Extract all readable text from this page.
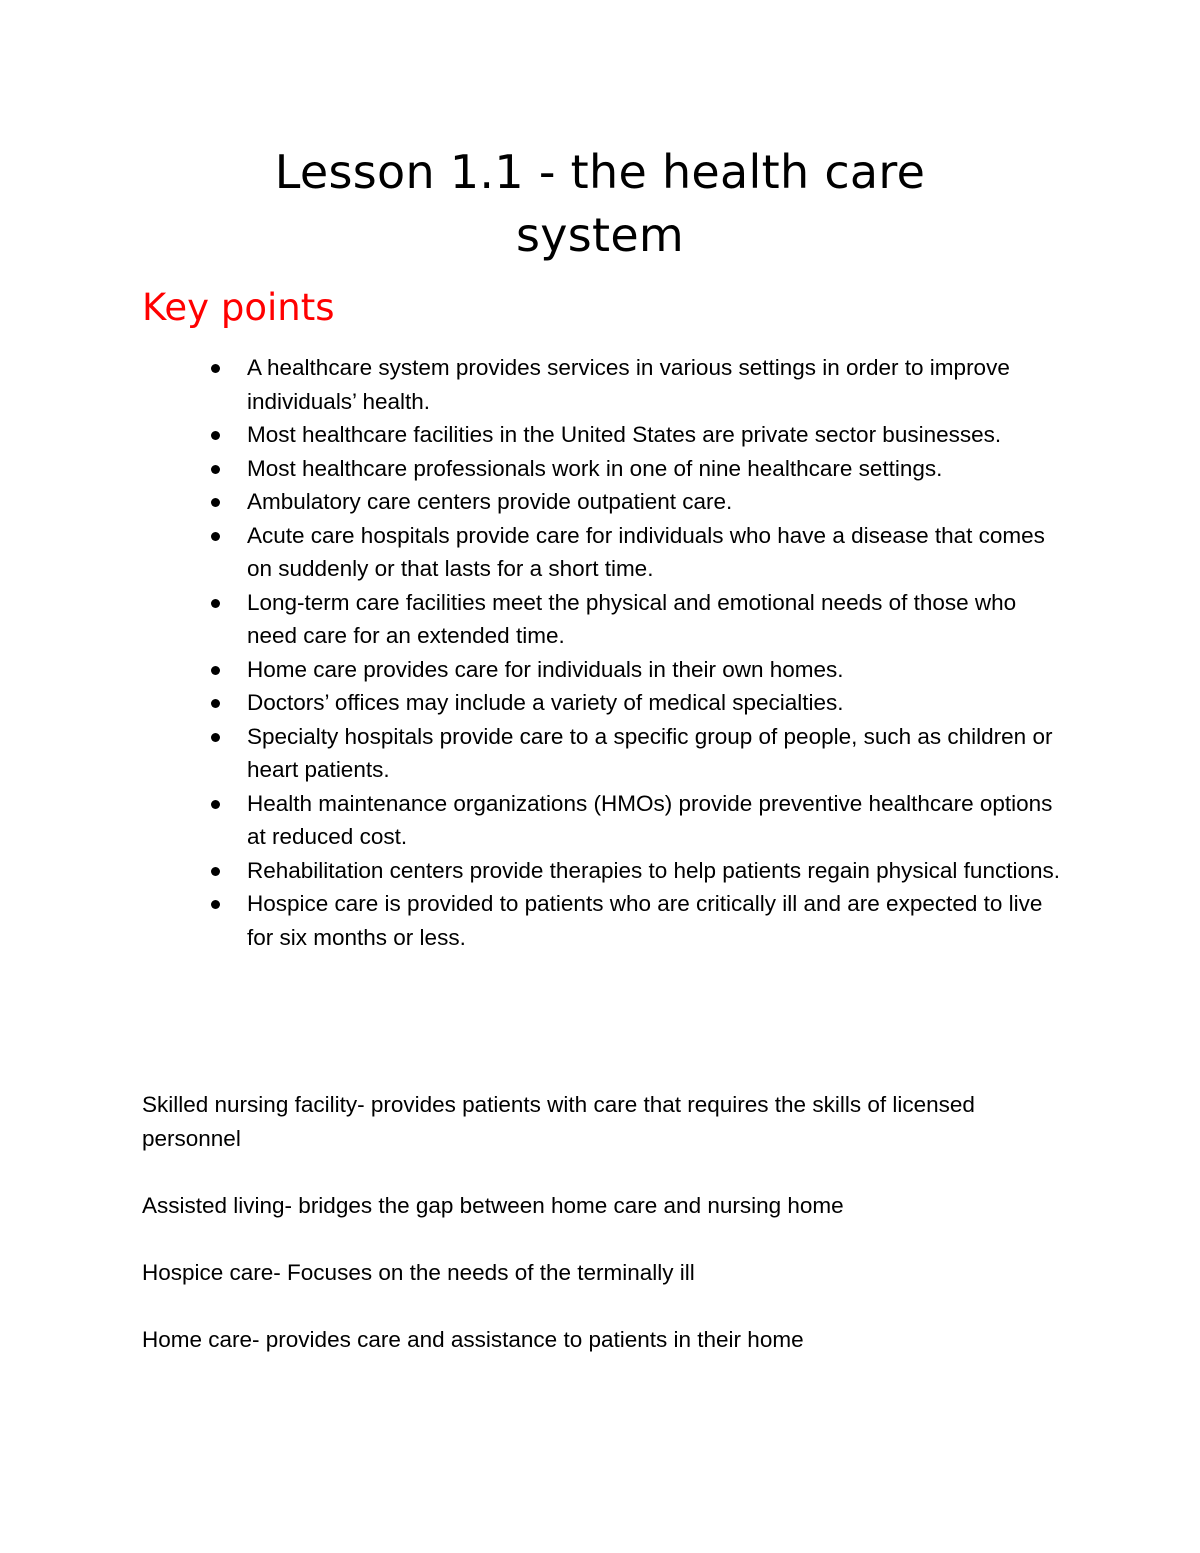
Lesson 1.1 - the health care
system
Key points
A healthcare system provides services in various settings in order to improve individuals’ health.
Most healthcare facilities in the United States are private sector businesses.
Most healthcare professionals work in one of nine healthcare settings.
Ambulatory care centers provide outpatient care.
Acute care hospitals provide care for individuals who have a disease that comes on suddenly or that lasts for a short time.
Long-term care facilities meet the physical and emotional needs of those who need care for an extended time.
Home care provides care for individuals in their own homes.
Doctors’ offices may include a variety of medical specialties.
Specialty hospitals provide care to a specific group of people, such as children or heart patients.
Health maintenance organizations (HMOs) provide preventive healthcare options at reduced cost.
Rehabilitation centers provide therapies to help patients regain physical functions.
Hospice care is provided to patients who are critically ill and are expected to live for six months or less.

Skilled nursing facility- provides patients with care that requires the skills of licensed personnel

Assisted living- bridges the gap between home care and nursing home

Hospice care- Focuses on the needs of the terminally ill

Home care- provides care and assistance to patients in their home
